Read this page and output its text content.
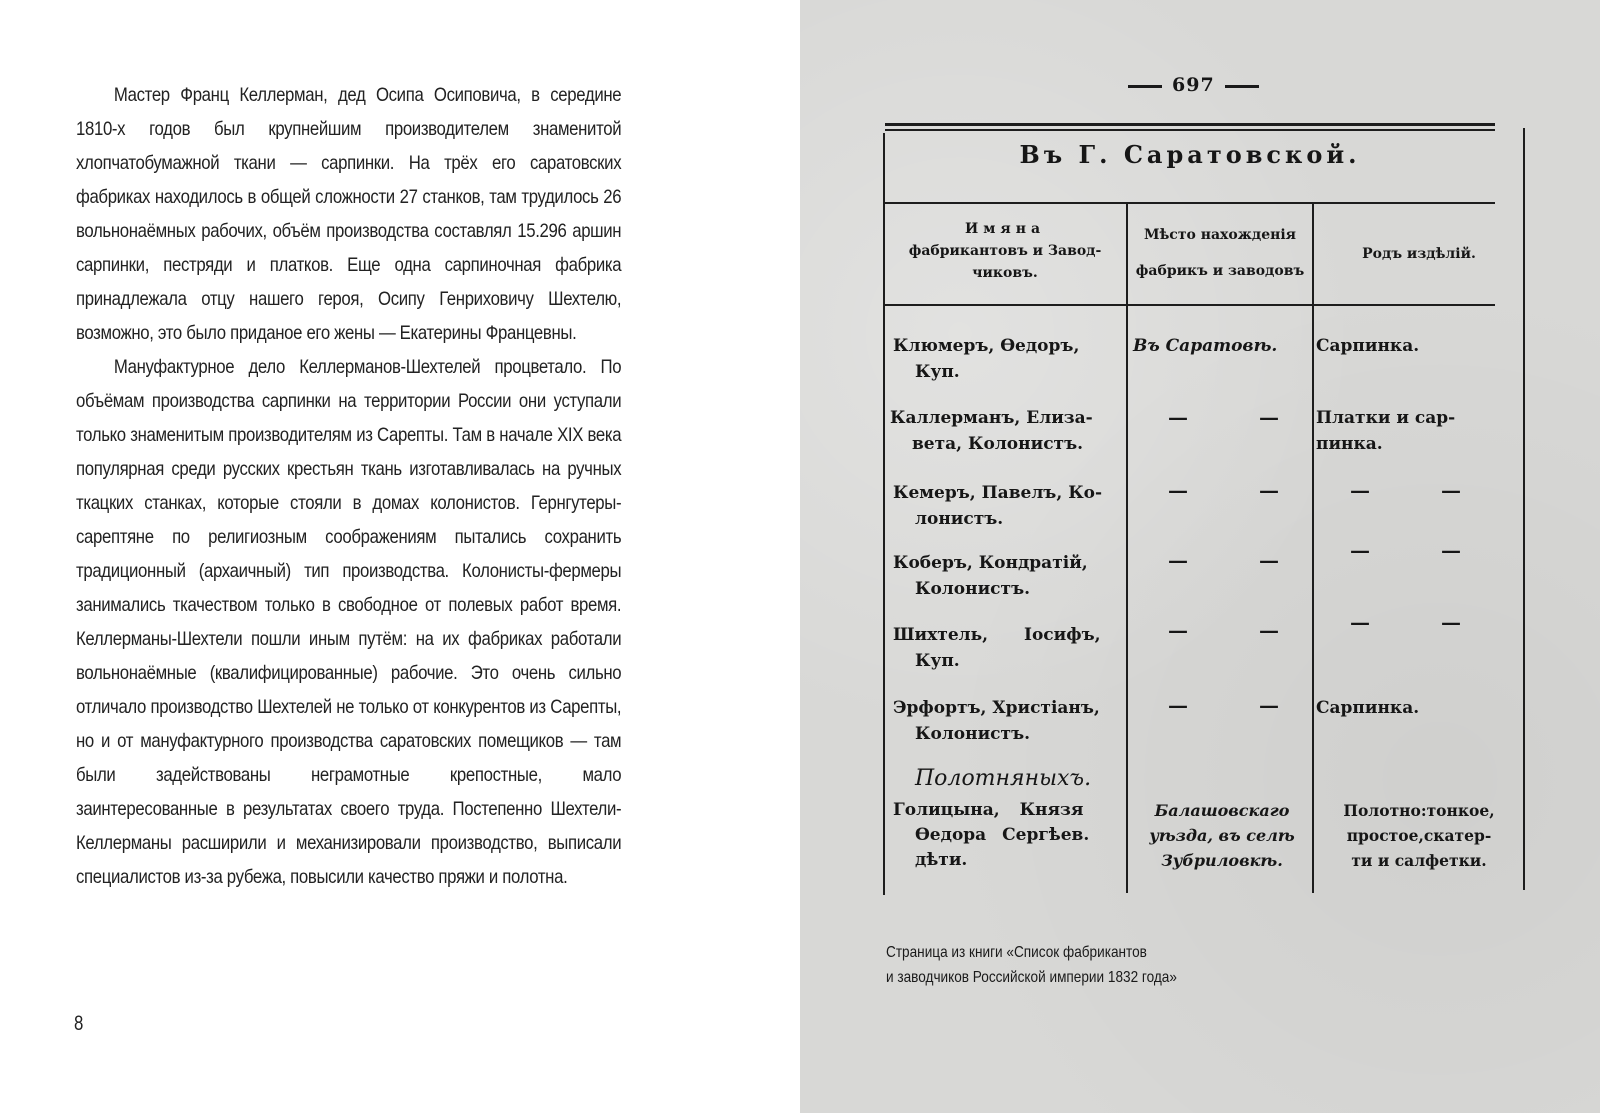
Мастер Франц Келлерман, дед Осипа Осиповича, в середине 1810-х годов был крупнейшим производителем знаменитой хлопчатобумажной ткани — сарпинки. На трёх его саратовских фабриках находилось в общей сложности 27 станков, там трудилось 26 вольнонаёмных рабочих, объём производства составлял 15.296 аршин сарпинки, пестряди и платков. Еще одна сарпиночная фабрика принадлежала отцу нашего героя, Осипу Генриховичу Шехтелю, возможно, это было приданое его жены — Екатерины Францевны.

Мануфактурное дело Келлерманов-Шехтелей процветало. По объёмам производства сарпинки на территории России они уступали только знаменитым производителям из Сарепты. Там в начале XIX века популярная среди русских крестьян ткань изготавливалась на ручных ткацких станках, которые стояли в домах колонистов. Гернгутеры-сарептяне по религиозным соображениям пытались сохранить традиционный (архаичный) тип производства. Колонисты-фермеры занимались ткачеством только в свободное от полевых работ время. Келлерманы-Шехтели пошли иным путём: на их фабриках работали вольнонаёмные (квалифицированные) рабочие. Это очень сильно отличало производство Шехтелей не только от конкурентов из Сарепты, но и от мануфактурного производства саратовских помещиков — там были задействованы неграмотные крепостные, мало заинтересованные в результатах своего труда. Постепенно Шехтели-Келлерманы расширили и механизировали производство, выписали специалистов из-за рубежа, повысили качество пряжи и полотна.

8
697
Въ Г. Саратовской.
Имяна
фабрикантовъ и Завод-
чиковъ.
Мѣсто нахожденія
фабрикъ и заводовъ
Родъ издѣлій.
Клюмеръ, Өедоръ,
Куп.
Въ Саратовѣ. Сарпинка.
Каллерманъ, Елиза-
вета, Колонистъ.
— — Платки и сар-
пинка.
Кемеръ, Павелъ, Ко-
лонистъ.
— — — —
Коберъ, Кондратій,
Колонистъ.
— — — —
Шихтель, Іосифъ,
Куп.
— — — —
Эрфортъ, Христіанъ,
Колонистъ.
— — Сарпинка.
Полотняныхъ.
Голицына, Князя
Өедора Сергѣев.
дѣти.
Балашовскаго
уѣзда, въ селѣ
Зубриловкѣ.
Полотно:тонкое,
простое,скатер-
ти и салфетки.
Страница из книги «Список фабрикантов
и заводчиков Российской империи 1832 года»
